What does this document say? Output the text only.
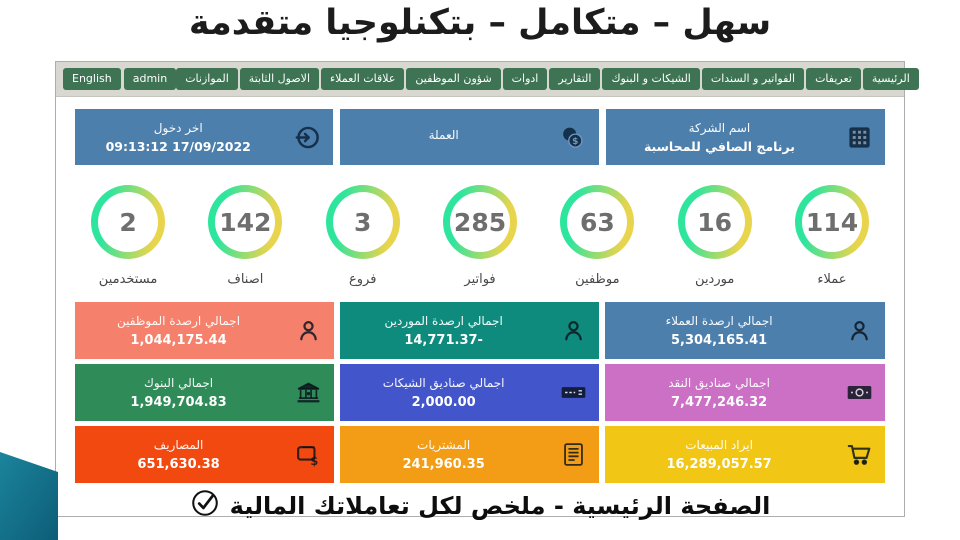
سهل – متكامل – بتكنلوجيا متقدمة
English	admin	الرئيسية
تعريفات
الفواتير و السندات
الشيكات و البنوك
التقارير
ادوات
شؤون الموظفين
علاقات العملاء
الاصول الثابتة
الموازنات
اسم الشركة
برنامج الصافي للمحاسبة
$
العملة
اخر دخول
09:13:12 17/09/2022
114
عملاء
16
موردين
63
موظفين
285
فواتير
3
فروع
142
اصناف
2
مستخدمين
اجمالي ارصدة العملاء
5,304,165.41
اجمالي ارصدة الموردين
14,771.37-
اجمالي ارصدة الموظفين
1,044,175.44
اجمالي صناديق النقد
7,477,246.32
اجمالي صناديق الشيكات
2,000.00
اجمالي البنوك
1,949,704.83
ايراد المبيعات
16,289,057.57
المشتريات
241,960.35
$
المصاريف
651,630.38
الصفحة الرئيسية - ملخص لكل تعاملاتك المالية
